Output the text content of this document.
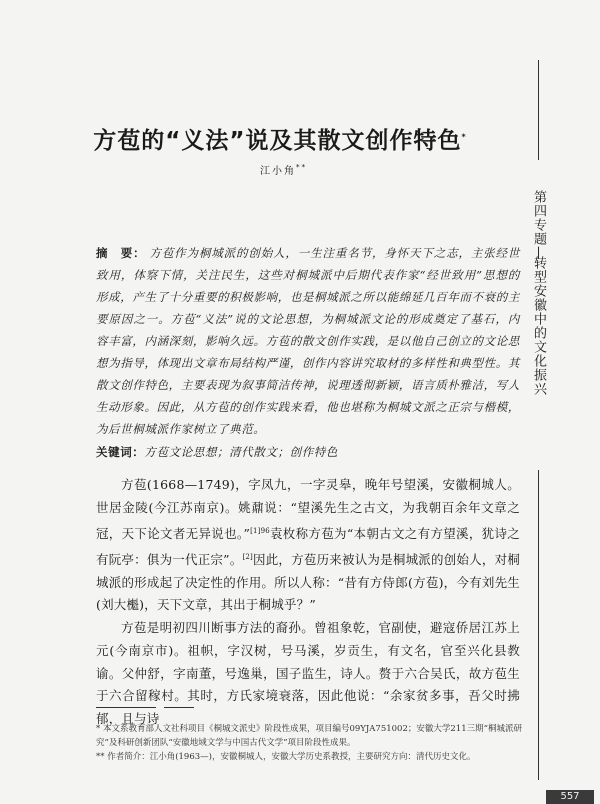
第四专题—转型安徽中的文化振兴
方苞的“义法”说及其散文创作特色*
江小角**
摘　要： 方苞作为桐城派的创始人，一生注重名节，身怀天下之志，主张经世致用，体察下情，关注民生，这些对桐城派中后期代表作家“经世致用”思想的形成，产生了十分重要的积极影响，也是桐城派之所以能绵延几百年而不衰的主要原因之一。方苞“义法”说的文论思想，为桐城派文论的形成奠定了基石，内容丰富，内涵深刻，影响久远。方苞的散文创作实践，是以他自己创立的文论思想为指导，体现出文章布局结构严谨，创作内容讲究取材的多样性和典型性。其散文创作特色，主要表现为叙事简洁传神，说理透彻新颖，语言质朴雅洁，写人生动形象。因此，从方苞的创作实践来看，他也堪称为桐城文派之正宗与楷模，为后世桐城派作家树立了典范。
关键词：方苞文论思想；清代散文；创作特色

方苞(1668—1749)，字凤九，一字灵皋，晚年号望溪，安徽桐城人。世居金陵(今江苏南京)。姚鼐说：“望溪先生之古文，为我朝百余年文章之冠，天下论文者无异说也。”$^{[1]96}$袁枚称方苞为“本朝古文之有方望溪，犹诗之有阮亭：俱为一代正宗”。[2]因此，方苞历来被认为是桐城派的创始人，对桐城派的形成起了决定性的作用。所以人称：“昔有方侍郎(方苞)，今有刘先生(刘大櫆)，天下文章，其出于桐城乎？”

方苞是明初四川断事方法的裔孙。曾祖象乾，官副使，避寇侨居江苏上元(今南京市)。祖帜，字汉树，号马溪，岁贡生，有文名，官至兴化县教谕。父仲舒，字南董，号逸巢，国子监生，诗人。赘于六合吴氏，故方苞生于六合留稼村。其时，方氏家境衰落，因此他说：“余家贫多事，吾父时拂郁，且与诗

* 本文系教育部人文社科项目《桐城文派史》阶段性成果，项目编号09YJA751002；安徽大学211三期“桐城派研究”及科研创新团队“安徽地域文学与中国古代文学”项目阶段性成果。
** 作者简介：江小角(1963—)，安徽桐城人，安徽大学历史系教授，主要研究方向：清代历史文化。
557
